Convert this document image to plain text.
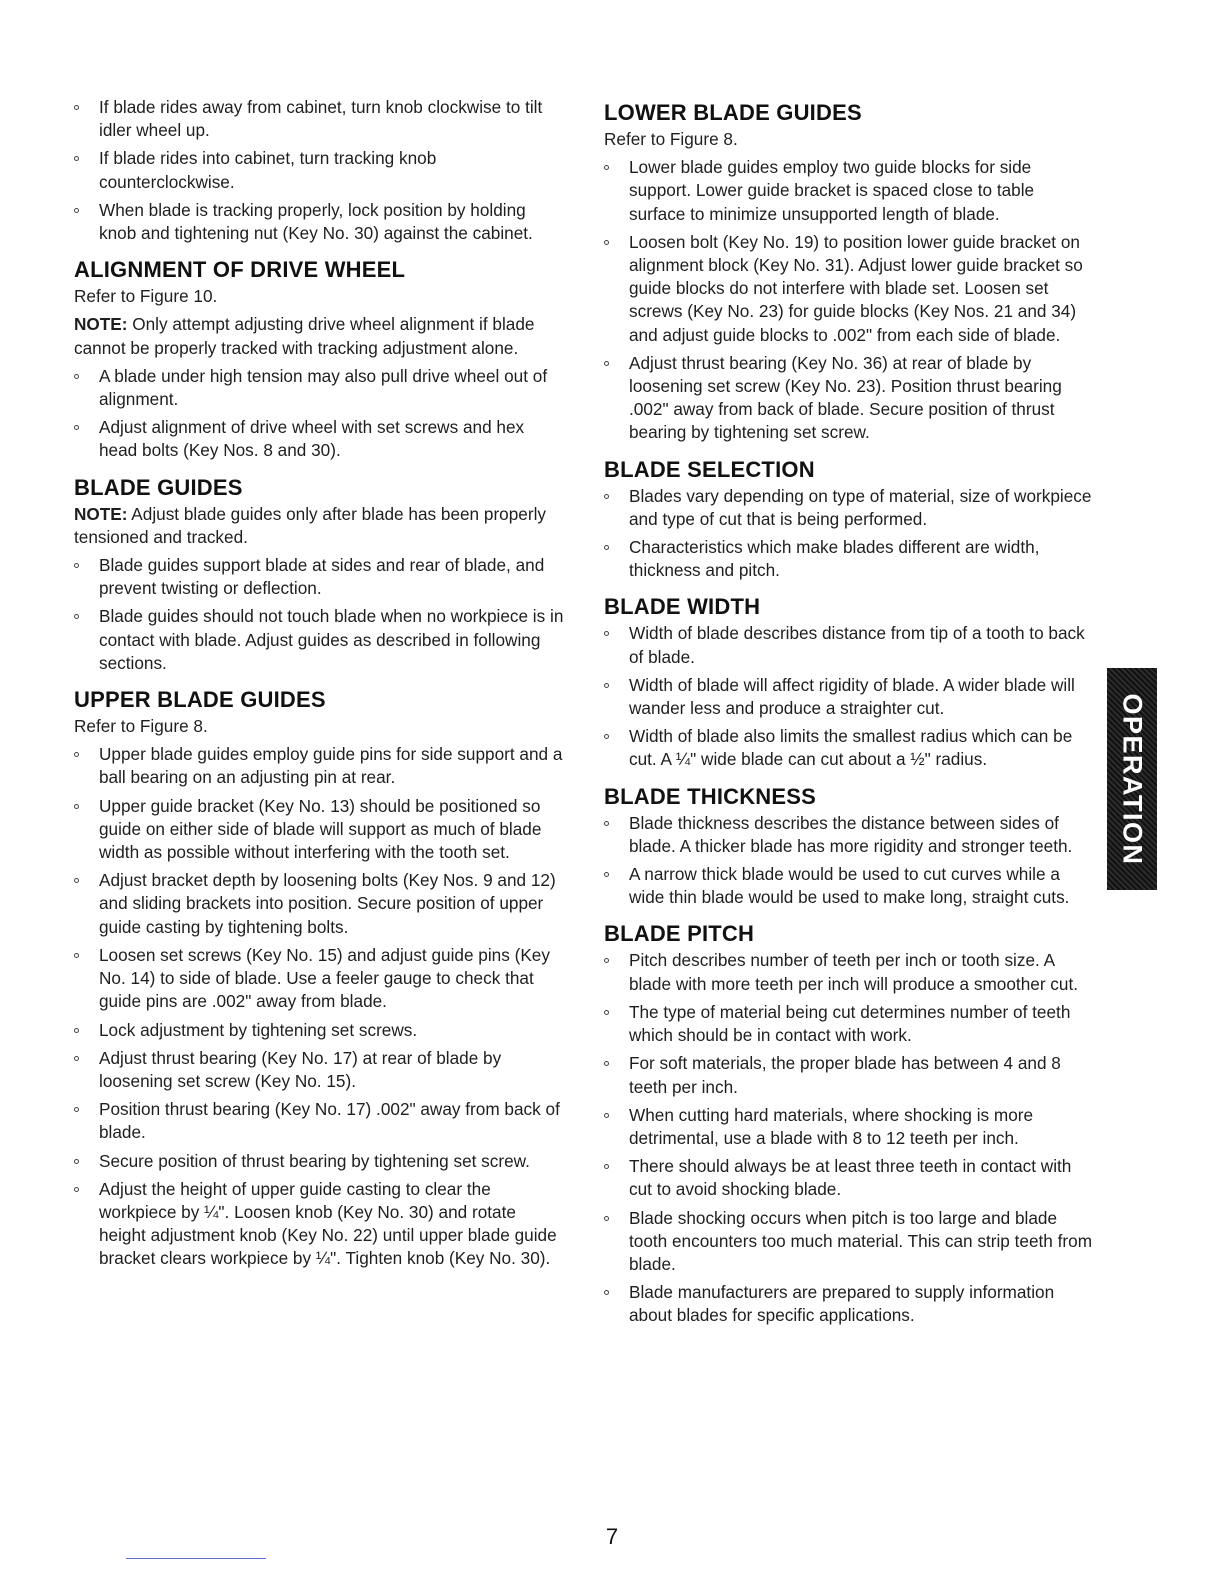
If blade rides away from cabinet, turn knob clockwise to tilt idler wheel up.
If blade rides into cabinet, turn tracking knob counterclockwise.
When blade is tracking properly, lock position by holding knob and tightening nut (Key No. 30) against the cabinet.
ALIGNMENT OF DRIVE WHEEL

Refer to Figure 10.

NOTE: Only attempt adjusting drive wheel alignment if blade cannot be properly tracked with tracking adjustment alone.

A blade under high tension may also pull drive wheel out of alignment.
Adjust alignment of drive wheel with set screws and hex head bolts (Key Nos. 8 and 30).
BLADE GUIDES

NOTE: Adjust blade guides only after blade has been properly tensioned and tracked.

Blade guides support blade at sides and rear of blade, and prevent twisting or deflection.
Blade guides should not touch blade when no workpiece is in contact with blade. Adjust guides as described in following sections.
UPPER BLADE GUIDES

Refer to Figure 8.

Upper blade guides employ guide pins for side support and a ball bearing on an adjusting pin at rear.
Upper guide bracket (Key No. 13) should be positioned so guide on either side of blade will support as much of blade width as possible without interfering with the tooth set.
Adjust bracket depth by loosening bolts (Key Nos. 9 and 12) and sliding brackets into position. Secure position of upper guide casting by tightening bolts.
Loosen set screws (Key No. 15) and adjust guide pins (Key No. 14) to side of blade. Use a feeler gauge to check that guide pins are .002" away from blade.
Lock adjustment by tightening set screws.
Adjust thrust bearing (Key No. 17) at rear of blade by loosening set screw (Key No. 15).
Position thrust bearing (Key No. 17) .002" away from back of blade.
Secure position of thrust bearing by tightening set screw.
Adjust the height of upper guide casting to clear the workpiece by ¼". Loosen knob (Key No. 30) and rotate height adjustment knob (Key No. 22) until upper blade guide bracket clears workpiece by ¼". Tighten knob (Key No. 30).
LOWER BLADE GUIDES

Refer to Figure 8.

Lower blade guides employ two guide blocks for side support. Lower guide bracket is spaced close to table surface to minimize unsupported length of blade.
Loosen bolt (Key No. 19) to position lower guide bracket on alignment block (Key No. 31). Adjust lower guide bracket so guide blocks do not interfere with blade set. Loosen set screws (Key No. 23) for guide blocks (Key Nos. 21 and 34) and adjust guide blocks to .002" from each side of blade.
Adjust thrust bearing (Key No. 36) at rear of blade by loosening set screw (Key No. 23). Position thrust bearing .002" away from back of blade. Secure position of thrust bearing by tightening set screw.
BLADE SELECTION
Blades vary depending on type of material, size of workpiece and type of cut that is being performed.
Characteristics which make blades different are width, thickness and pitch.
BLADE WIDTH
Width of blade describes distance from tip of a tooth to back of blade.
Width of blade will affect rigidity of blade. A wider blade will wander less and produce a straighter cut.
Width of blade also limits the smallest radius which can be cut. A ¼" wide blade can cut about a ½" radius.
BLADE THICKNESS
Blade thickness describes the distance between sides of blade. A thicker blade has more rigidity and stronger teeth.
A narrow thick blade would be used to cut curves while a wide thin blade would be used to make long, straight cuts.
BLADE PITCH
Pitch describes number of teeth per inch or tooth size. A blade with more teeth per inch will produce a smoother cut.
The type of material being cut determines number of teeth which should be in contact with work.
For soft materials, the proper blade has between 4 and 8 teeth per inch.
When cutting hard materials, where shocking is more detrimental, use a blade with 8 to 12 teeth per inch.
There should always be at least three teeth in contact with cut to avoid shocking blade.
Blade shocking occurs when pitch is too large and blade tooth encounters too much material. This can strip teeth from blade.
Blade manufacturers are prepared to supply information about blades for specific applications.
OPERATION
7
